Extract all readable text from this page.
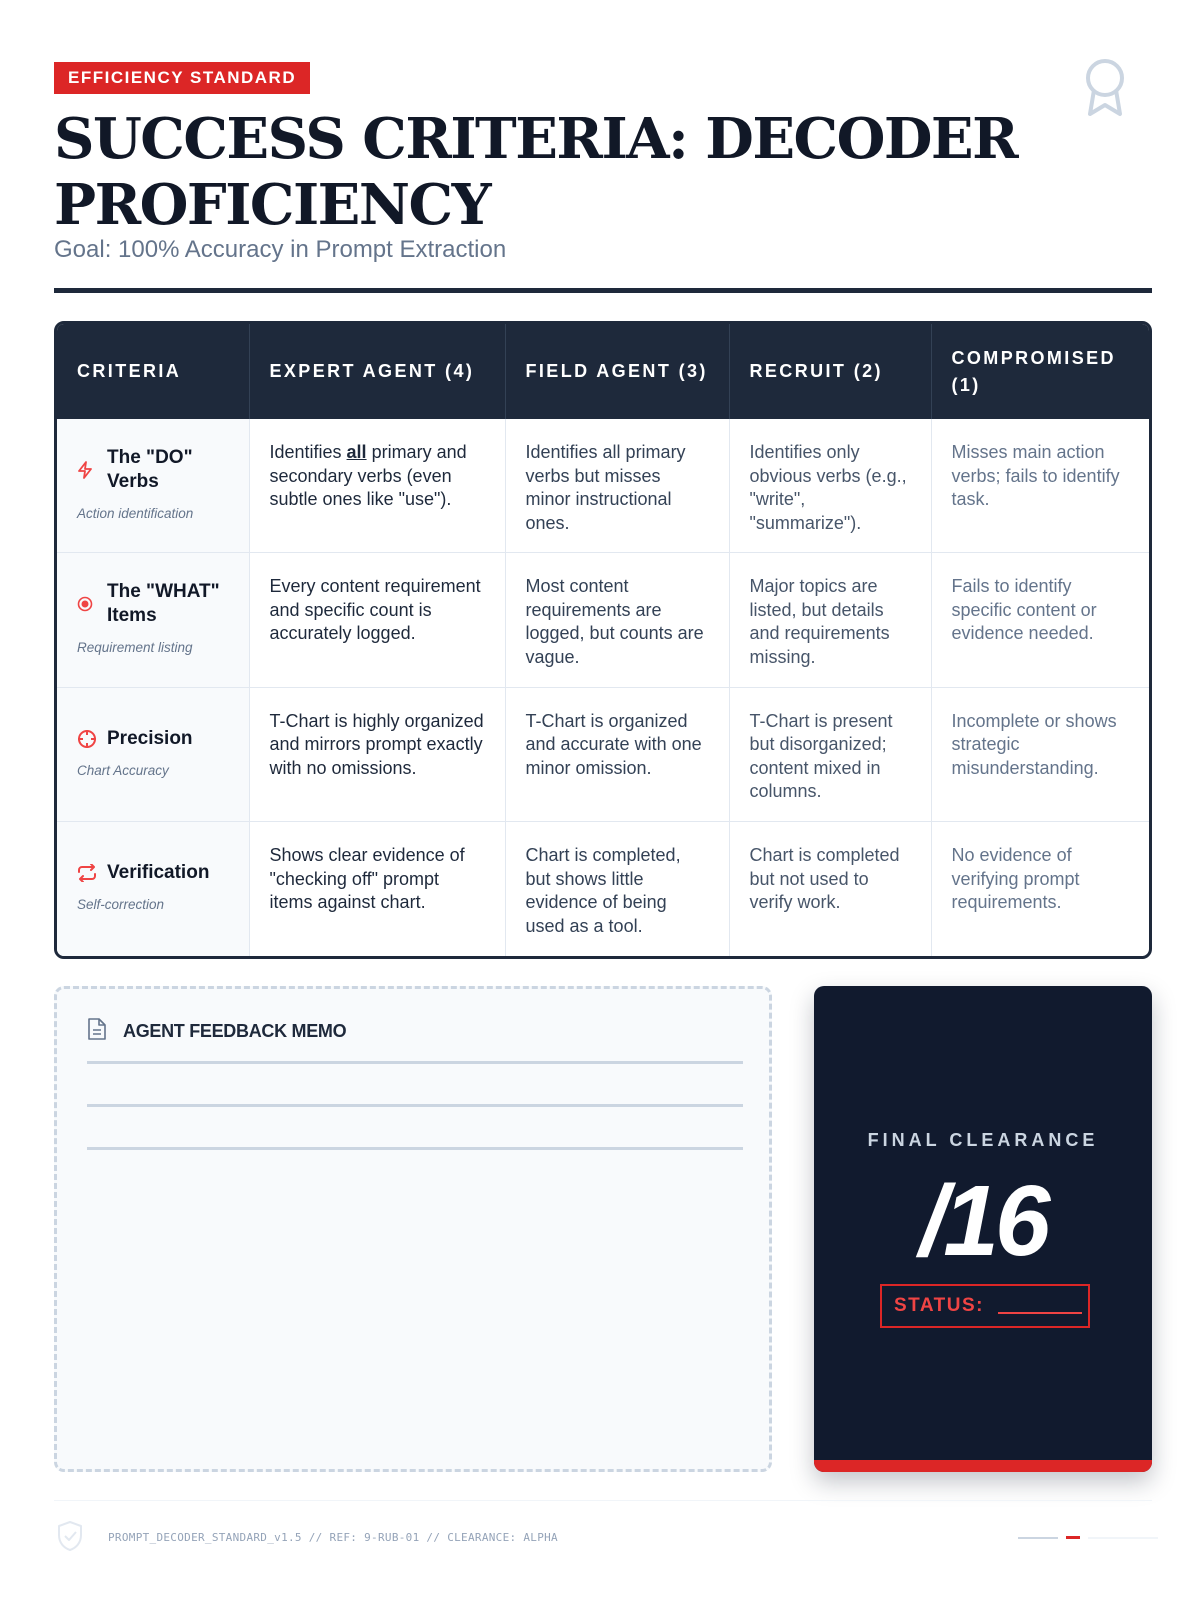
EFFICIENCY STANDARD
SUCCESS CRITERIA: DECODER PROFICIENCY
Goal: 100% Accuracy in Prompt Extraction
CRITERIA	EXPERT AGENT (4)	FIELD AGENT (3)	RECRUIT (2)	COMPROMISED (1)

The "DO" Verbs
Action identification	Identifies all primary and secondary verbs (even subtle ones like "use").	Identifies all primary verbs but misses minor instructional ones.	Identifies only obvious verbs (e.g., "write", "summarize").	Misses main action verbs; fails to identify task.

The "WHAT" Items
Requirement listing	Every content requirement and specific count is accurately logged.	Most content requirements are logged, but counts are vague.	Major topics are listed, but details and requirements missing.	Fails to identify specific content or evidence needed.

Precision
Chart Accuracy	T-Chart is highly organized and mirrors prompt exactly with no omissions.	T-Chart is organized and accurate with one minor omission.	T-Chart is present but disorganized; content mixed in columns.	Incomplete or shows strategic misunderstanding.

Verification
Self-correction	Shows clear evidence of "checking off" prompt items against chart.	Chart is completed, but shows little evidence of being used as a tool.	Chart is completed but not used to verify work.	No evidence of verifying prompt requirements.
AGENT FEEDBACK MEMO
FINAL CLEARANCE
/16
STATUS:
PROMPT_DECODER_STANDARD_v1.5 // REF: 9-RUB-01 // CLEARANCE: ALPHA
